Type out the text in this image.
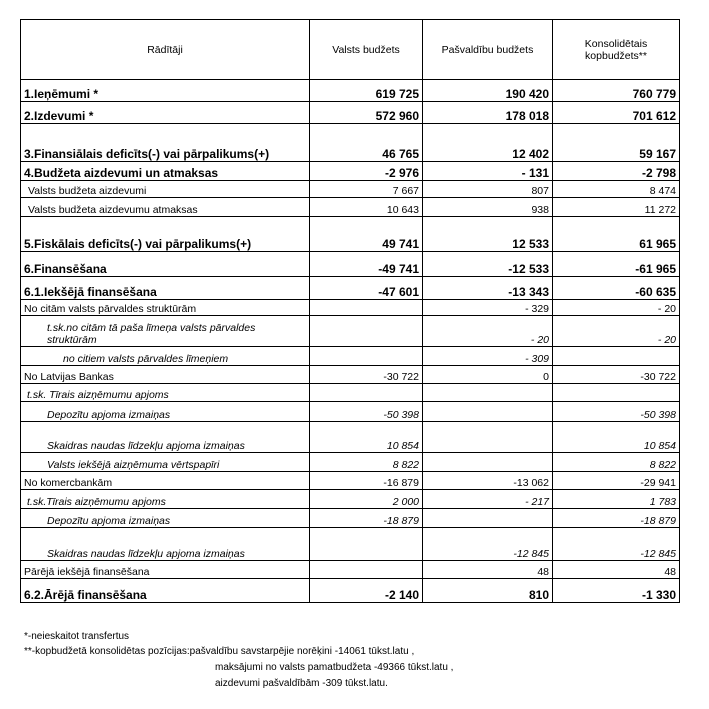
Rādītāji	Valsts budžets	Pašvaldību budžets	Konsolidētais kopbudžets**
1.Ieņēmumi *	619 725	190 420	760 779
2.Izdevumi *	572 960	178 018	701 612
3.Finansiālais deficīts(-) vai pārpalikums(+)	46 765	12 402	59 167
4.Budžeta aizdevumi un atmaksas	-2 976	- 131	-2 798
Valsts budžeta aizdevumi	7 667	807	8 474
Valsts budžeta aizdevumu atmaksas	10 643	938	11 272
5.Fiskālais deficīts(-) vai pārpalikums(+)	49 741	12 533	61 965
6.Finansēšana	-49 741	-12 533	-61 965
6.1.Iekšējā finansēšana	-47 601	-13 343	-60 635
No citām valsts pārvaldes struktūrām		- 329	- 20
t.sk.no citām tā paša līmeņa valsts pārvaldes struktūrām		- 20	- 20
no citiem valsts pārvaldes līmeņiem		- 309	
No Latvijas Bankas	-30 722	0	-30 722
t.sk. Tīrais aizņēmumu apjoms			
Depozītu apjoma izmaiņas	-50 398		-50 398
Skaidras naudas līdzekļu apjoma izmaiņas	10 854		10 854
Valsts iekšējā aizņēmuma vērtspapīri	8 822		8 822
No komercbankām	-16 879	-13 062	-29 941
t.sk.Tīrais aizņēmumu apjoms	2 000	- 217	1 783
Depozītu apjoma izmaiņas	-18 879		-18 879
Skaidras naudas līdzekļu apjoma izmaiņas		-12 845	-12 845
Pārējā iekšējā finansēšana		48	48
6.2.Ārējā finansēšana	-2 140	810	-1 330
*-neieskaitot transfertus
**-kopbudžetā konsolidētas pozīcijas:pašvaldību savstarpējie norēķini -14061 tūkst.latu ,
maksājumi no valsts pamatbudžeta -49366 tūkst.latu ,
aizdevumi pašvaldībām -309 tūkst.latu.
